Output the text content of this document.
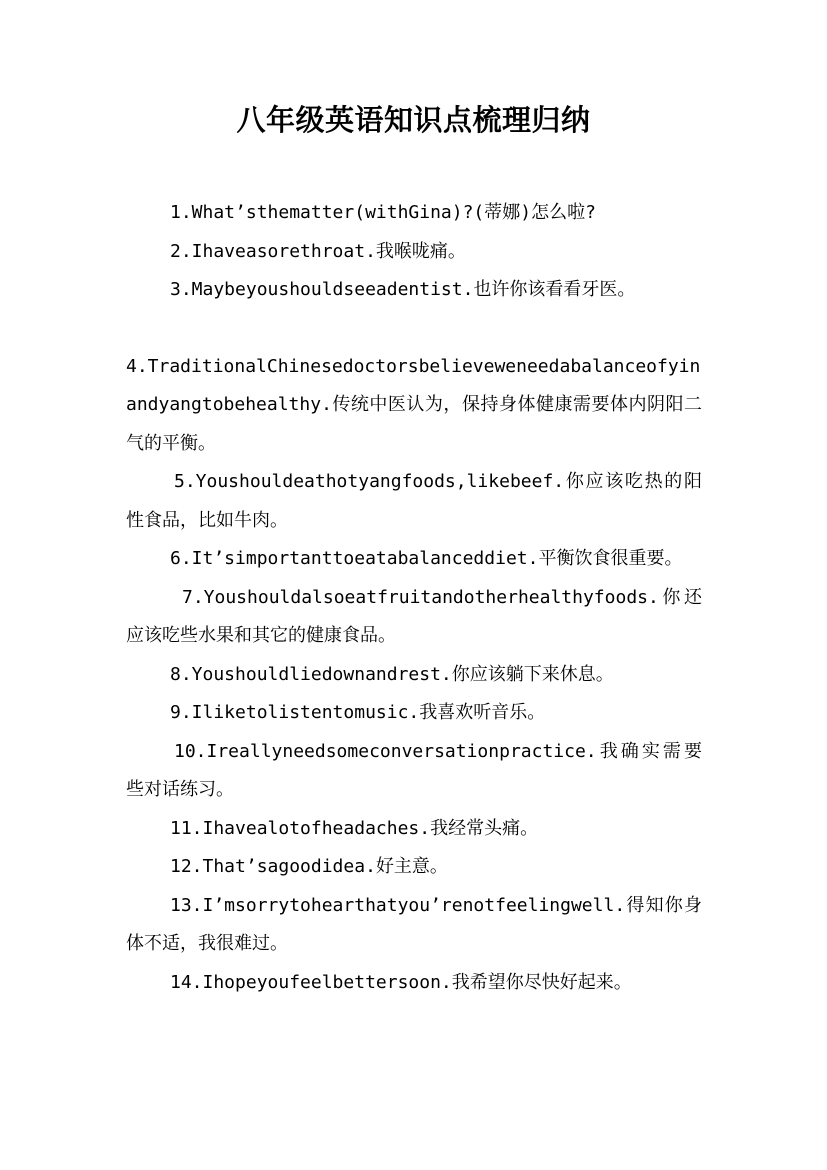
八年级英语知识点梳理归纳

1.What’sthematter(withGina)?(蒂娜)怎么啦?

2.Ihaveasorethroat.我喉咙痛。

3.Maybeyoushouldseeadentist.也许你该看看牙医。

4.TraditionalChinesedoctorsbelieveweneedabalanceofyinandyangtobehealthy.传统中医认为，保持身体健康需要体内阴阳二气的平衡。

5.Youshouldeathotyangfoods,likebeef.你应该吃热的阳性食品，比如牛肉。

6.It’simportanttoeatabalanceddiet.平衡饮食很重要。

7.Youshouldalsoeatfruitandotherhealthyfoods.你还应该吃些水果和其它的健康食品。

8.Youshouldliedownandrest.你应该躺下来休息。

9.Iliketolistentomusic.我喜欢听音乐。

10.Ireallyneedsomeconversationpractice.我确实需要些对话练习。

11.Ihavealotofheadaches.我经常头痛。

12.That’sagoodidea.好主意。

13.I’msorrytohearthatyou’renotfeelingwell.得知你身体不适，我很难过。

14.Ihopeyoufeelbettersoon.我希望你尽快好起来。
